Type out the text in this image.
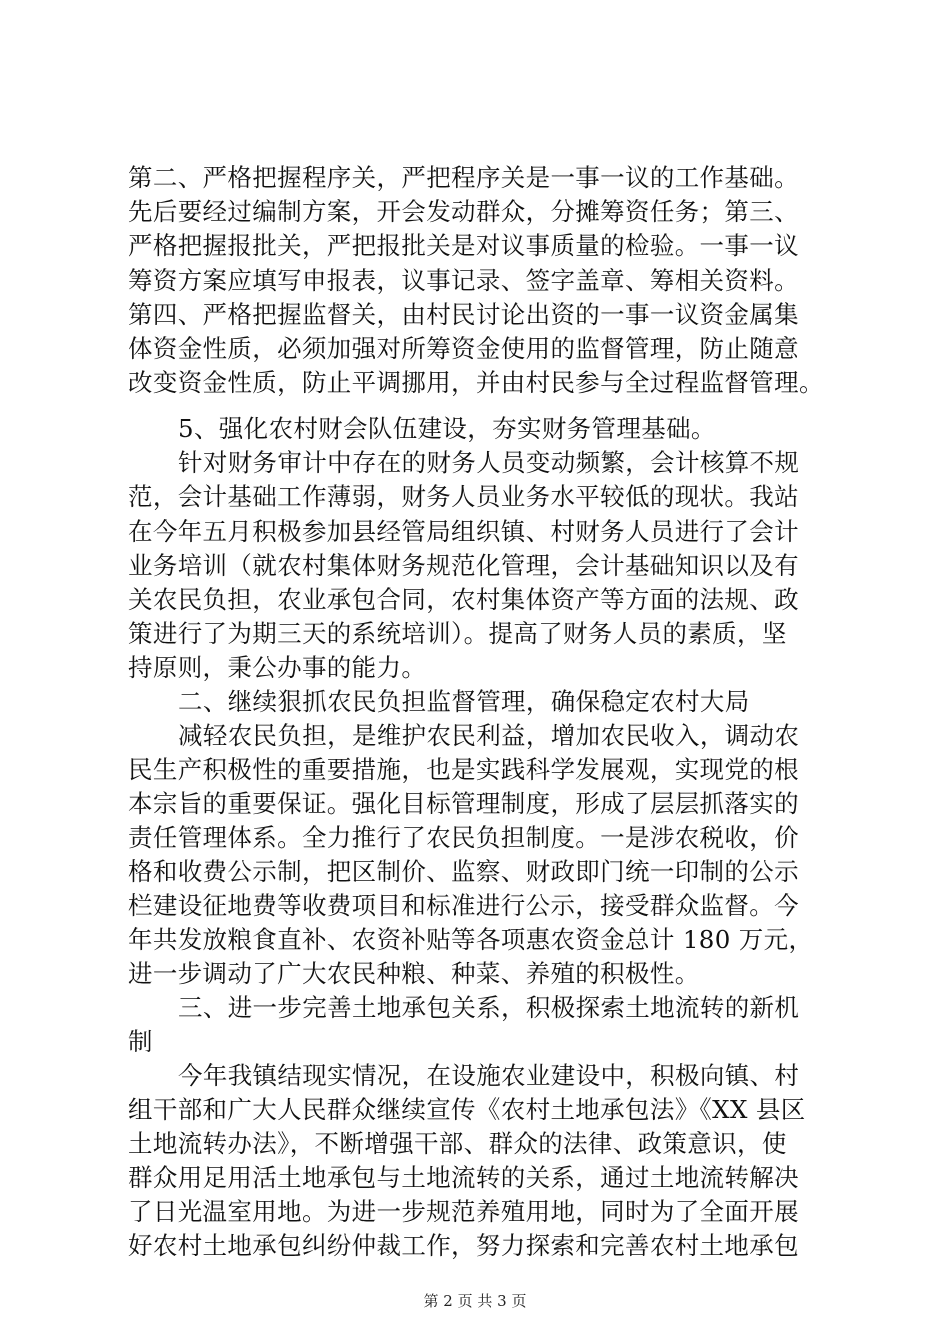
第二、严格把握程序关，严把程序关是一事一议的工作基础。
先后要经过编制方案，开会发动群众，分摊筹资任务；第三、
严格把握报批关，严把报批关是对议事质量的检验。一事一议
筹资方案应填写申报表，议事记录、签字盖章、筹相关资料。
第四、严格把握监督关，由村民讨论出资的一事一议资金属集
体资金性质，必须加强对所筹资金使用的监督管理，防止随意
改变资金性质，防止平调挪用，并由村民参与全过程监督管理。
5、强化农村财会队伍建设，夯实财务管理基础。
针对财务审计中存在的财务人员变动频繁，会计核算不规
范，会计基础工作薄弱，财务人员业务水平较低的现状。我站
在今年五月积极参加县经管局组织镇、村财务人员进行了会计
业务培训（就农村集体财务规范化管理，会计基础知识以及有
关农民负担，农业承包合同，农村集体资产等方面的法规、政
策进行了为期三天的系统培训）。提高了财务人员的素质，坚
持原则，秉公办事的能力。
二、继续狠抓农民负担监督管理，确保稳定农村大局
减轻农民负担，是维护农民利益，增加农民收入，调动农
民生产积极性的重要措施，也是实践科学发展观，实现党的根
本宗旨的重要保证。强化目标管理制度，形成了层层抓落实的
责任管理体系。全力推行了农民负担制度。一是涉农税收，价
格和收费公示制，把区制价、监察、财政即门统一印制的公示
栏建设征地费等收费项目和标准进行公示，接受群众监督。今
年共发放粮食直补、农资补贴等各项惠农资金总计 180 万元，
进一步调动了广大农民种粮、种菜、养殖的积极性。
三、进一步完善土地承包关系，积极探索土地流转的新机
制
今年我镇结现实情况，在设施农业建设中，积极向镇、村
组干部和广大人民群众继续宣传《农村土地承包法》《XX 县区
土地流转办法》，不断增强干部、群众的法律、政策意识，使
群众用足用活土地承包与土地流转的关系，通过土地流转解决
了日光温室用地。为进一步规范养殖用地，同时为了全面开展
好农村土地承包纠纷仲裁工作，努力探索和完善农村土地承包
第 2 页 共 3 页
